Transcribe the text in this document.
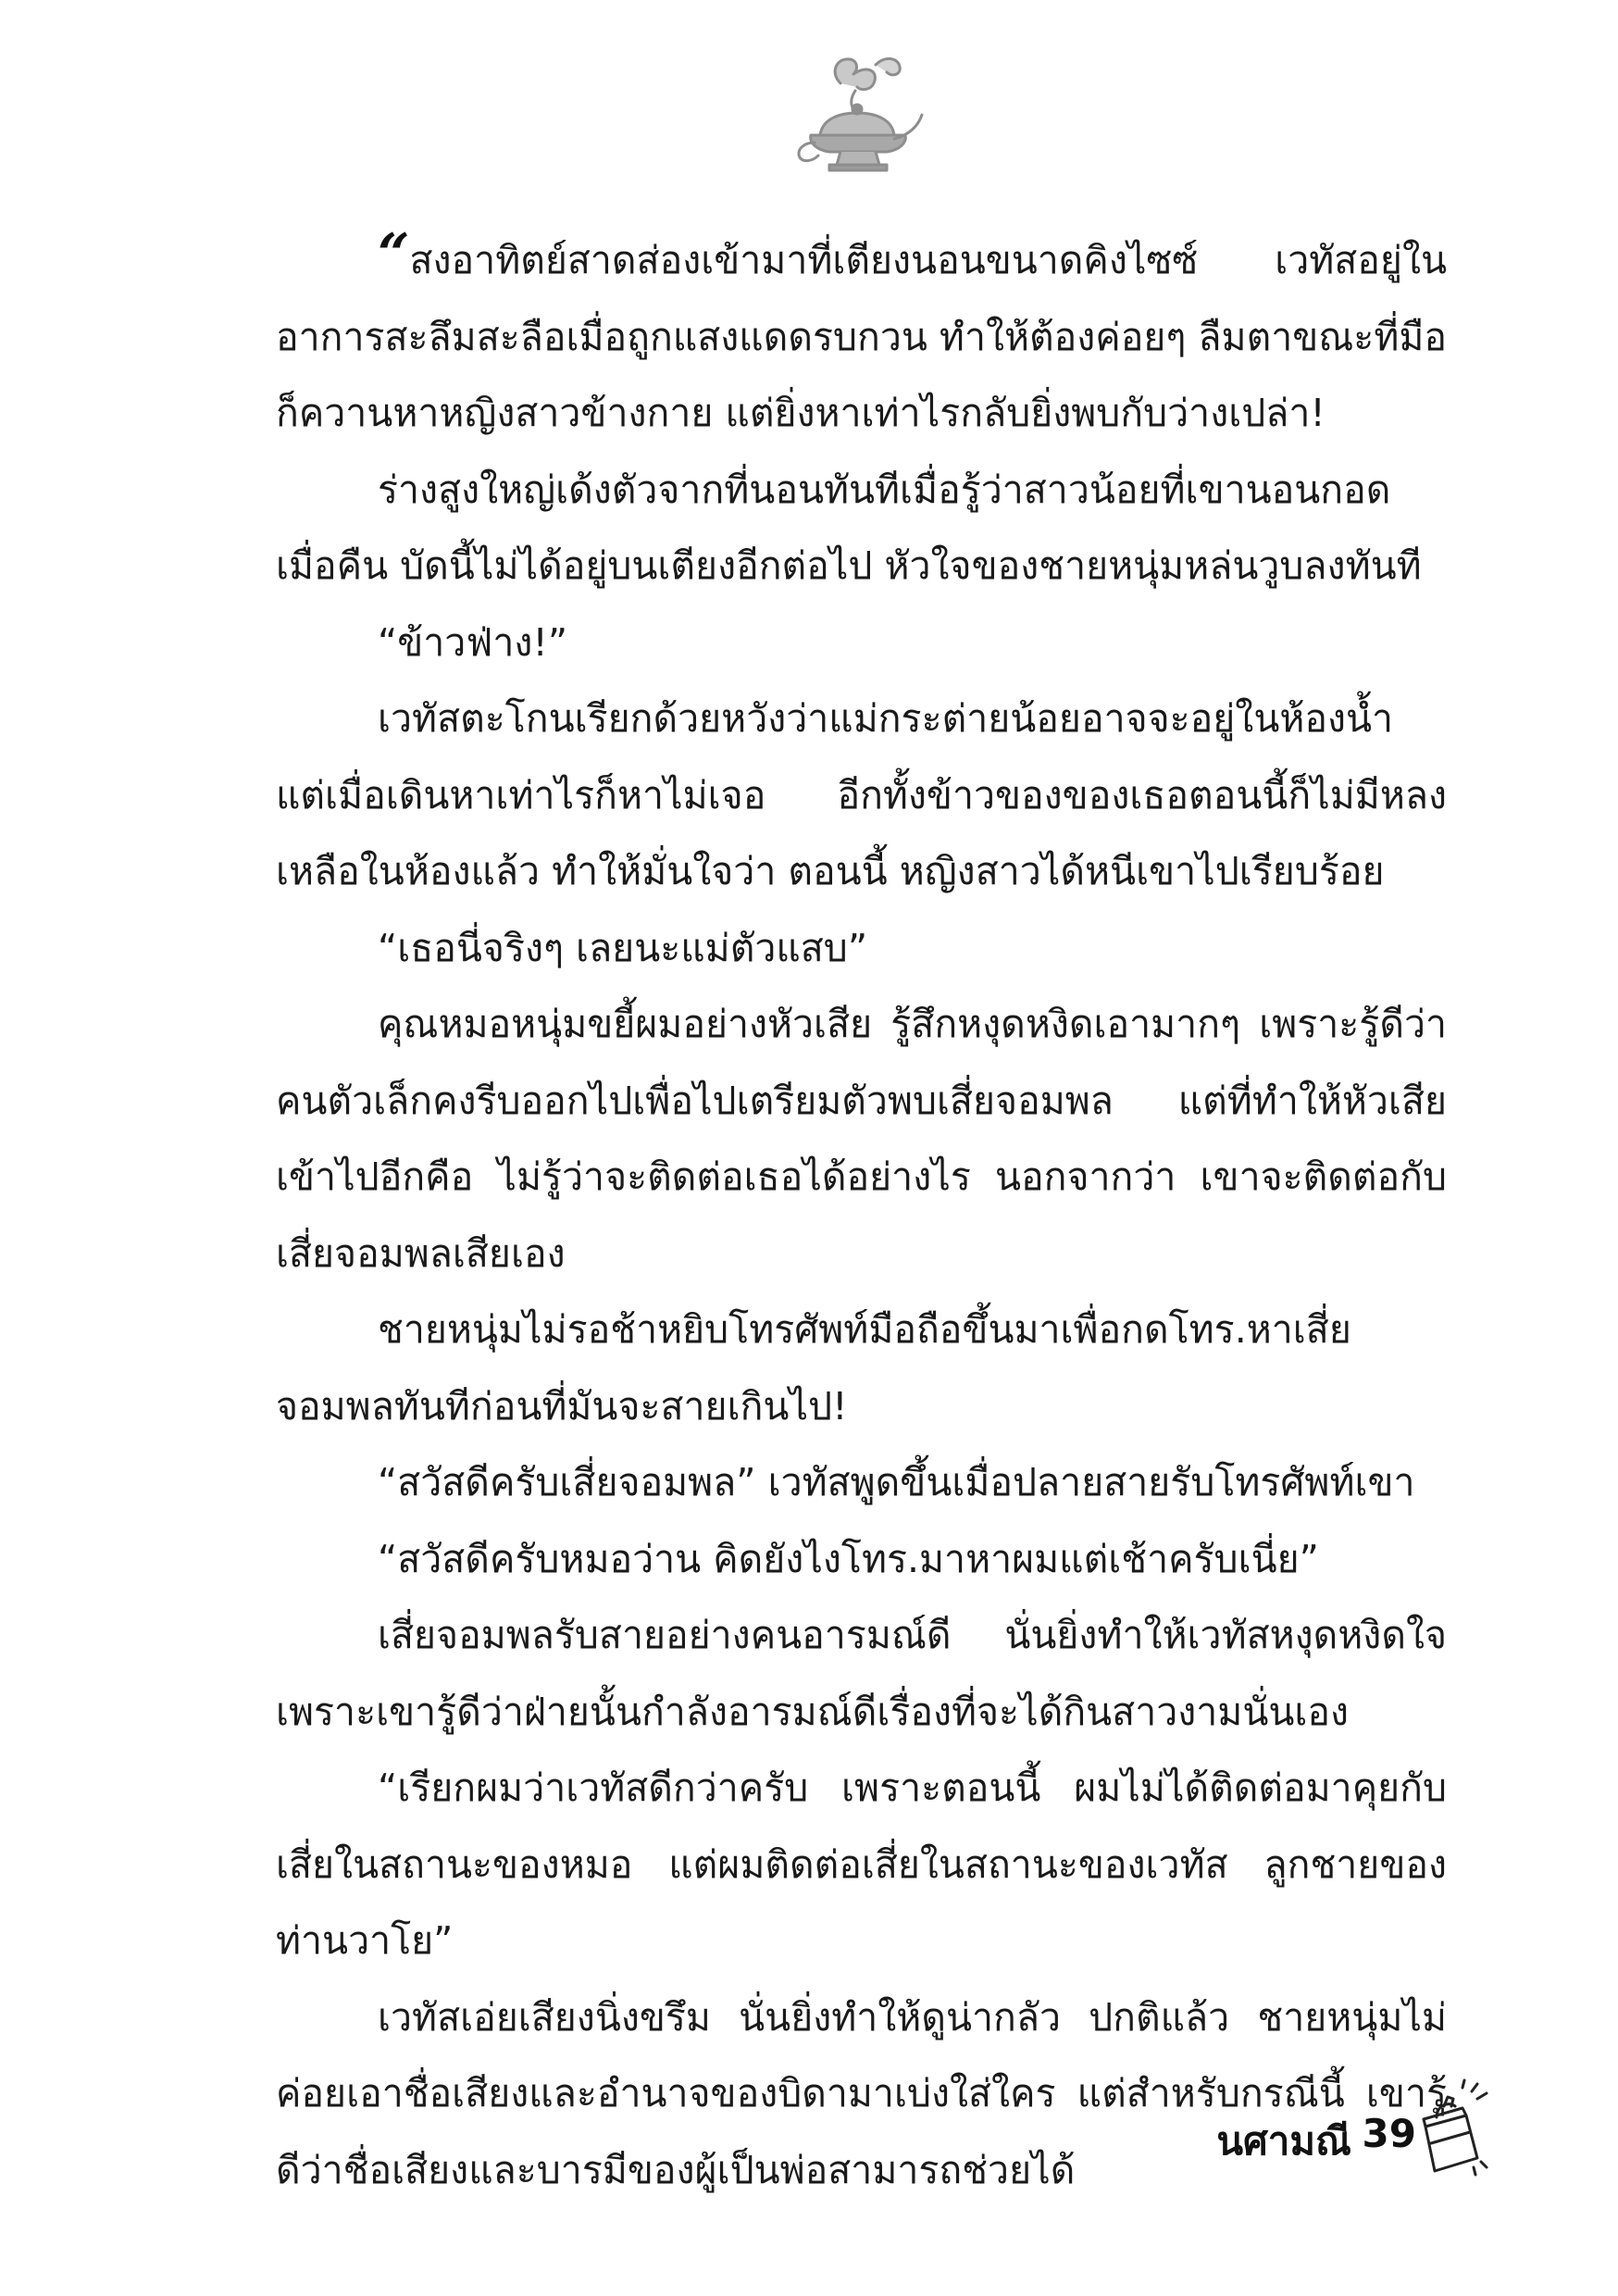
“ สงอาทิตย์สาดส่องเข้ามาที่เตียงนอนขนาดคิงไซซ์ เวทัสอยู่ในอาการสะลึมสะลือเมื่อถูกแสงแดดรบกวน ทำให้ต้องค่อยๆ ลืมตาขณะที่มือก็ควานหาหญิงสาวข้างกาย แต่ยิ่งหาเท่าไรกลับยิ่งพบกับว่างเปล่า!

ร่างสูงใหญ่เด้งตัวจากที่นอนทันทีเมื่อรู้ว่าสาวน้อยที่เขานอนกอดเมื่อคืน บัดนี้ไม่ได้อยู่บนเตียงอีกต่อไป หัวใจของชายหนุ่มหล่นวูบลงทันที

“ข้าวฟ่าง!”

เวทัสตะโกนเรียกด้วยหวังว่าแม่กระต่ายน้อยอาจจะอยู่ในห้องน้ำ แต่เมื่อเดินหาเท่าไรก็หาไม่เจอ อีกทั้งข้าวของของเธอตอนนี้ก็ไม่มีหลงเหลือในห้องแล้ว ทำให้มั่นใจว่า ตอนนี้ หญิงสาวได้หนีเขาไปเรียบร้อย

“เธอนี่จริงๆ เลยนะแม่ตัวแสบ”

คุณหมอหนุ่มขยี้ผมอย่างหัวเสีย รู้สึกหงุดหงิดเอามากๆ เพราะรู้ดีว่าคนตัวเล็กคงรีบออกไปเพื่อไปเตรียมตัวพบเสี่ยจอมพล แต่ที่ทำให้หัวเสียเข้าไปอีกคือ ไม่รู้ว่าจะติดต่อเธอได้อย่างไร นอกจากว่า เขาจะติดต่อกับเสี่ยจอมพลเสียเอง

ชายหนุ่มไม่รอช้าหยิบโทรศัพท์มือถือขึ้นมาเพื่อกดโทร.หาเสี่ยจอมพลทันทีก่อนที่มันจะสายเกินไป!

“สวัสดีครับเสี่ยจอมพล” เวทัสพูดขึ้นเมื่อปลายสายรับโทรศัพท์เขา

“สวัสดีครับหมอว่าน คิดยังไงโทร.มาหาผมแต่เช้าครับเนี่ย”

เสี่ยจอมพลรับสายอย่างคนอารมณ์ดี นั่นยิ่งทำให้เวทัสหงุดหงิดใจ เพราะเขารู้ดีว่าฝ่ายนั้นกำลังอารมณ์ดีเรื่องที่จะได้กินสาวงามนั่นเอง

“เรียกผมว่าเวทัสดีกว่าครับ เพราะตอนนี้ ผมไม่ได้ติดต่อมาคุยกับเสี่ยในสถานะของหมอ แต่ผมติดต่อเสี่ยในสถานะของเวทัส ลูกชายของท่านวาโย”

เวทัสเอ่ยเสียงนิ่งขรึม นั่นยิ่งทำให้ดูน่ากลัว ปกติแล้ว ชายหนุ่มไม่ค่อยเอาชื่อเสียงและอำนาจของบิดามาเบ่งใส่ใคร แต่สำหรับกรณีนี้ เขารู้ดีว่าชื่อเสียงและบารมีของผู้เป็นพ่อสามารถช่วยได้

นศามณี 39
